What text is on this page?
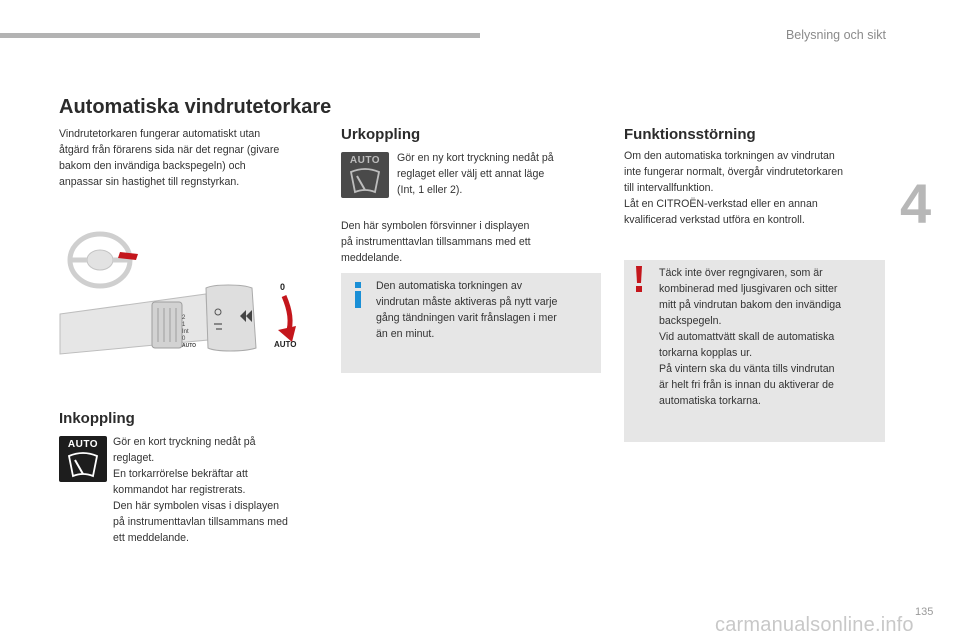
Belysning och sikt
4
Automatiska vindrutetorkare

Vindrutetorkaren fungerar automatiskt utan
åtgärd från förarens sida när det regnar (givare
bakom den invändiga backspegeln) och
anpassar sin hastighet till regnstyrkan.

2
1
Int
0
AUTO
0
AUTO
Inkoppling
AUTO	Gör en kort tryckning nedåt på
reglaget.
En torkarrörelse bekräftar att
kommandot har registrerats.
Den här symbolen visas i displayen
på instrumenttavlan tillsammans med
ett meddelande.

Urkoppling
AUTO	Gör en ny kort tryckning nedåt på
reglaget eller välj ett annat läge
(Int, 1 eller 2).

Den här symbolen försvinner i displayen
på instrumenttavlan tillsammans med ett
meddelande.

Den automatiska torkningen av
vindrutan måste aktiveras på nytt varje
gång tändningen varit frånslagen i mer
än en minut.

Funktionsstörning

Om den automatiska torkningen av vindrutan
inte fungerar normalt, övergår vindrutetorkaren
till intervallfunktion.
Låt en CITROËN-verkstad eller en annan
kvalificerad verkstad utföra en kontroll.

Täck inte över regngivaren, som är
kombinerad med ljusgivaren och sitter
mitt på vindrutan bakom den invändiga
backspegeln.
Vid automattvätt skall de automatiska
torkarna kopplas ur.
På vintern ska du vänta tills vindrutan
är helt fri från is innan du aktiverar de
automatiska torkarna.

carmanualsonline.info
135
